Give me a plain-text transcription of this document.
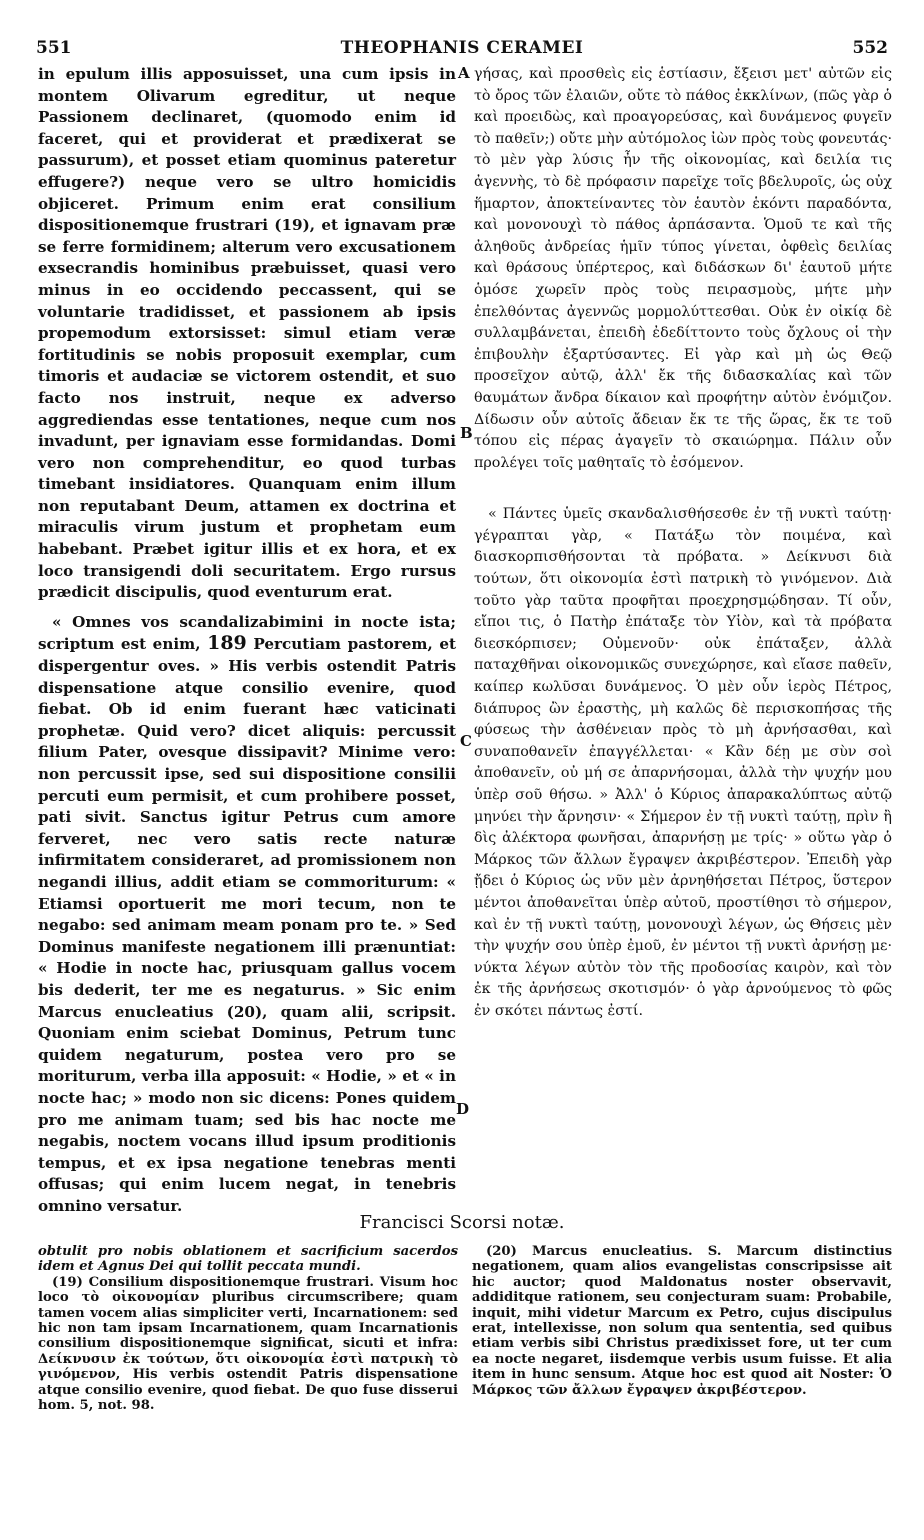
551	THEOPHANIS CERAMEI	552
A
B
C
D

in epulum illis apposuisset, una cum ipsis in montem Olivarum egreditur, ut neque Passionem declinaret, (quomodo enim id faceret, qui et providerat et prædixerat se passurum), et posset etiam quominus pateretur effugere?) neque vero se ultro homicidis objiceret. Primum enim erat consilium dispositionemque frustrari (19), et ignavam præ se ferre formidinem; alterum vero excusationem exsecrandis hominibus præbuisset, quasi vero minus in eo occidendo peccassent, qui se voluntarie tradidisset, et passionem ab ipsis propemodum extorsisset: simul etiam veræ fortitudinis se nobis proposuit exemplar, cum timoris et audaciæ se victorem ostendit, et suo facto nos instruit, neque ex adverso aggrediendas esse tentationes, neque cum nos invadunt, per ignaviam esse formidandas. Domi vero non comprehenditur, eo quod turbas timebant insidiatores. Quanquam enim illum non reputabant Deum, attamen ex doctrina et miraculis virum justum et prophetam eum habebant. Præbet igitur illis et ex hora, et ex loco transigendi doli securitatem. Ergo rursus prædicit discipulis, quod eventurum erat.

« Omnes vos scandalizabimini in nocte ista; scriptum est enim, 189 Percutiam pastorem, et dispergentur oves. » His verbis ostendit Patris dispensatione atque consilio evenire, quod fiebat. Ob id enim fuerant hæc vaticinati prophetæ. Quid vero? dicet aliquis: percussit filium Pater, ovesque dissipavit? Minime vero: non percussit ipse, sed sui dispositione consilii percuti eum permisit, et cum prohibere posset, pati sivit. Sanctus igitur Petrus cum amore ferveret, nec vero satis recte naturæ infirmitatem consideraret, ad promissionem non negandi illius, addit etiam se commoriturum: « Etiamsi oportuerit me mori tecum, non te negabo: sed animam meam ponam pro te. » Sed Dominus manifeste negationem illi prænuntiat: « Hodie in nocte hac, priusquam gallus vocem bis dederit, ter me es negaturus. » Sic enim Marcus enucleatius (20), quam alii, scripsit. Quoniam enim sciebat Dominus, Petrum tunc quidem negaturum, postea vero pro se moriturum, verba illa apposuit: « Hodie, » et « in nocte hac; » modo non sic dicens: Pones quidem pro me animam tuam; sed bis hac nocte me negabis, noctem vocans illud ipsum proditionis tempus, et ex ipsa negatione tenebras menti offusas; qui enim lucem negat, in tenebris omnino versatur.

γήσας, καὶ προσθεὶς εἰς ἑστίασιν, ἔξεισι μετ' αὐτῶν εἰς τὸ ὄρος τῶν ἐλαιῶν, οὔτε τὸ πάθος ἐκκλίνων, (πῶς γὰρ ὁ καὶ προειδὼς, καὶ προαγορεύσας, καὶ δυνάμενος φυγεῖν τὸ παθεῖν;) οὔτε μὴν αὐτόμολος ἰὼν πρὸς τοὺς φονευτάς· τὸ μὲν γὰρ λύσις ἦν τῆς οἰκονομίας, καὶ δειλία τις ἀγεννὴς, τὸ δὲ πρόφασιν παρεῖχε τοῖς βδελυροῖς, ὡς οὐχ ἥμαρτον, ἀποκτείναντες τὸν ἑαυτὸν ἑκόντι παραδόντα, καὶ μονονουχὶ τὸ πάθος ἁρπάσαντα. Ὁμοῦ τε καὶ τῆς ἀληθοῦς ἀνδρείας ἡμῖν τύπος γίνεται, ὀφθεὶς δειλίας καὶ θράσους ὑπέρτερος, καὶ διδάσκων δι' ἑαυτοῦ μήτε ὁμόσε χωρεῖν πρὸς τοὺς πειρασμοὺς, μήτε μὴν ἐπελθόντας ἀγεννῶς μορμολύττεσθαι. Οὐκ ἐν οἰκίᾳ δὲ συλλαμβάνεται, ἐπειδὴ ἐδεδίττοντο τοὺς ὄχλους οἱ τὴν ἐπιβουλὴν ἐξαρτύσαντες. Εἰ γὰρ καὶ μὴ ὡς Θεῷ προσεῖχον αὐτῷ, ἀλλ' ἔκ τῆς διδασκαλίας καὶ τῶν θαυμάτων ἄνδρα δίκαιον καὶ προφήτην αὐτὸν ἐνόμιζον. Δίδωσιν οὖν αὐτοῖς ἄδειαν ἔκ τε τῆς ὥρας, ἔκ τε τοῦ τόπου εἰς πέρας ἀγαγεῖν τὸ σκαιώρημα. Πάλιν οὖν προλέγει τοῖς μαθηταῖς τὸ ἐσόμενον.

« Πάντες ὑμεῖς σκανδαλισθήσεσθε ἐν τῇ νυκτὶ ταύτῃ· γέγραπται γὰρ, « Πατάξω τὸν ποιμένα, καὶ διασκορπισθήσονται τὰ πρόβατα. » Δείκνυσι διὰ τούτων, ὅτι οἰκονομία ἐστὶ πατρικὴ τὸ γινόμενον. Διὰ τοῦτο γὰρ ταῦτα προφῆται προεχρησμῴδησαν. Τί οὖν, εἴποι τις, ὁ Πατὴρ ἐπάταξε τὸν Υἱὸν, καὶ τὰ πρόβατα διεσκόρπισεν; Οὐμενοῦν· οὐκ ἐπάταξεν, ἀλλὰ παταχθῆναι οἰκονομικῶς συνεχώρησε, καὶ εἴασε παθεῖν, καίπερ κωλῦσαι δυνάμενος. Ὁ μὲν οὖν ἱερὸς Πέτρος, διάπυρος ὢν ἐραστὴς, μὴ καλῶς δὲ περισκοπήσας τῆς φύσεως τὴν ἀσθένειαν πρὸς τὸ μὴ ἀρνήσασθαι, καὶ συναποθανεῖν ἐπαγγέλλεται· « Κἂν δέῃ με σὺν σοὶ ἀποθανεῖν, οὐ μή σε ἀπαρνήσομαι, ἀλλὰ τὴν ψυχήν μου ὑπὲρ σοῦ θήσω. » Ἀλλ' ὁ Κύριος ἀπαρακαλύπτως αὐτῷ μηνύει τὴν ἄρνησιν· « Σήμερον ἐν τῇ νυκτὶ ταύτῃ, πρὶν ἢ δὶς ἀλέκτορα φωνῆσαι, ἀπαρνήσῃ με τρίς· » οὕτω γὰρ ὁ Μάρκος τῶν ἄλλων ἔγραψεν ἀκριβέστερον. Ἐπειδὴ γὰρ ᾔδει ὁ Κύριος ὡς νῦν μὲν ἀρνηθήσεται Πέτρος, ὕστερον μέντοι ἀποθανεῖται ὑπὲρ αὐτοῦ, προστίθησι τὸ σήμερον, καὶ ἐν τῇ νυκτὶ ταύτῃ, μονονουχὶ λέγων, ὡς Θήσεις μὲν τὴν ψυχήν σου ὑπὲρ ἐμοῦ, ἐν μέντοι τῇ νυκτὶ ἀρνήσῃ με· νύκτα λέγων αὐτὸν τὸν τῆς προδοσίας καιρὸν, καὶ τὸν ἐκ τῆς ἀρνήσεως σκοτισμόν· ὁ γὰρ ἀρνούμενος τὸ φῶς ἐν σκότει πάντως ἐστί.

Francisci Scorsi notæ.

obtulit pro nobis oblationem et sacrificium sacerdos idem et Agnus Dei qui tollit peccata mundi.

(19) Consilium dispositionemque frustrari. Visum hoc loco τὸ οἰκονομίαν pluribus circumscribere; quam tamen vocem alias simpliciter verti, Incarnationem: sed hic non tam ipsam Incarnationem, quam Incarnationis consilium dispositionemque significat, sicuti et infra: Δείκνυσιν ἐκ τούτων, ὅτι οἰκονομία ἐστὶ πατρικὴ τὸ γινόμενον, His verbis ostendit Patris dispensatione atque consilio evenire, quod fiebat. De quo fuse disserui hom. 5, not. 98.

(20) Marcus enucleatius. S. Marcum distinctius negationem, quam alios evangelistas conscripsisse ait hic auctor; quod Maldonatus noster observavit, addiditque rationem, seu conjecturam suam: Probabile, inquit, mihi videtur Marcum ex Petro, cujus discipulus erat, intellexisse, non solum qua sententia, sed quibus etiam verbis sibi Christus prædixisset fore, ut ter cum ea nocte negaret, iisdemque verbis usum fuisse. Et alia item in hunc sensum. Atque hoc est quod ait Noster: Ὁ Μάρκος τῶν ἄλλων ἔγραψεν ἀκριβέστερον.
